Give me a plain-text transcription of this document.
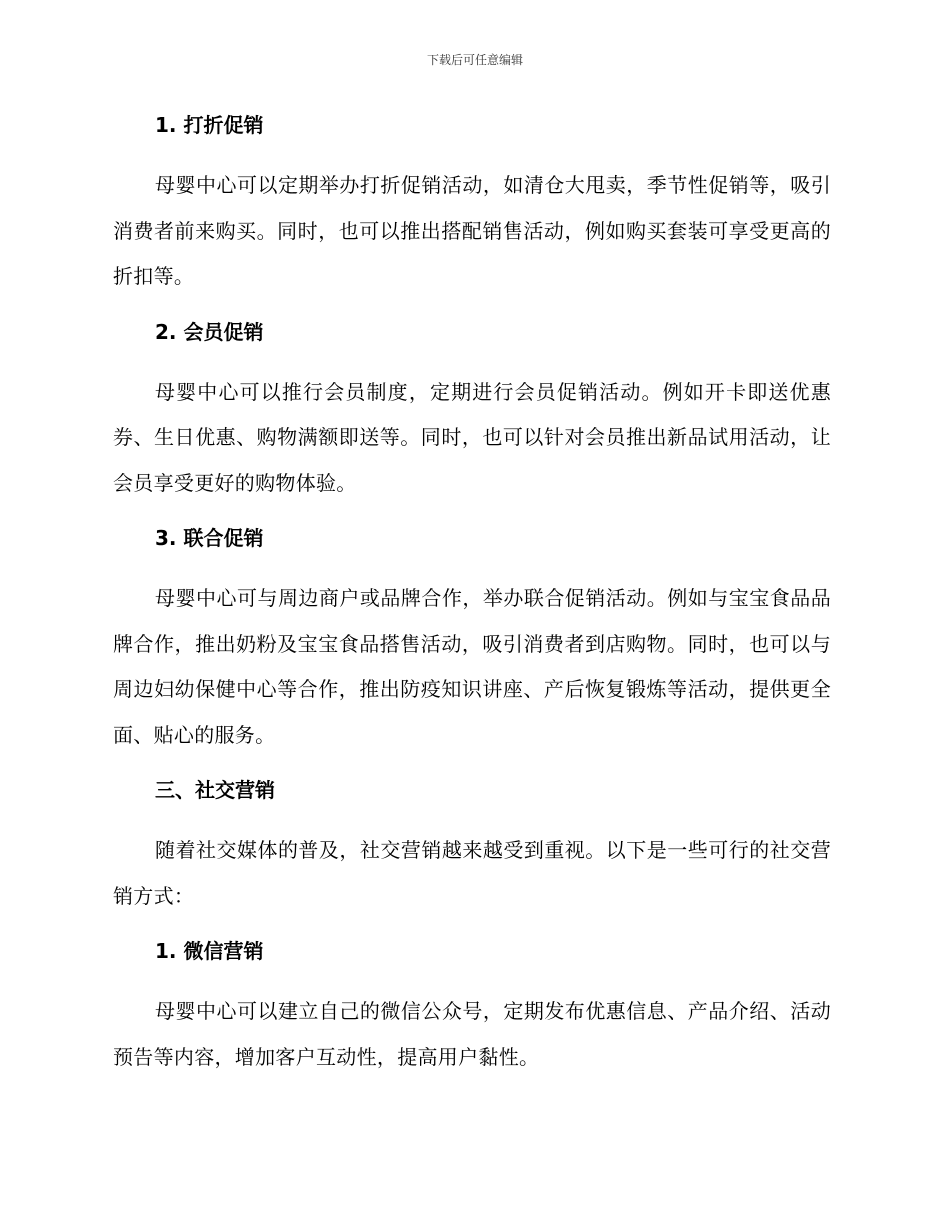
下载后可任意编辑
1. 打折促销

母婴中心可以定期举办打折促销活动，如清仓大甩卖，季节性促销等，吸引消费者前来购买。同时，也可以推出搭配销售活动，例如购买套装可享受更高的折扣等。

2. 会员促销

母婴中心可以推行会员制度，定期进行会员促销活动。例如开卡即送优惠券、生日优惠、购物满额即送等。同时，也可以针对会员推出新品试用活动，让会员享受更好的购物体验。

3. 联合促销

母婴中心可与周边商户或品牌合作，举办联合促销活动。例如与宝宝食品品牌合作，推出奶粉及宝宝食品搭售活动，吸引消费者到店购物。同时，也可以与周边妇幼保健中心等合作，推出防疫知识讲座、产后恢复锻炼等活动，提供更全面、贴心的服务。

三、社交营销

随着社交媒体的普及，社交营销越来越受到重视。以下是一些可行的社交营销方式：

1. 微信营销

母婴中心可以建立自己的微信公众号，定期发布优惠信息、产品介绍、活动预告等内容，增加客户互动性，提高用户黏性。
